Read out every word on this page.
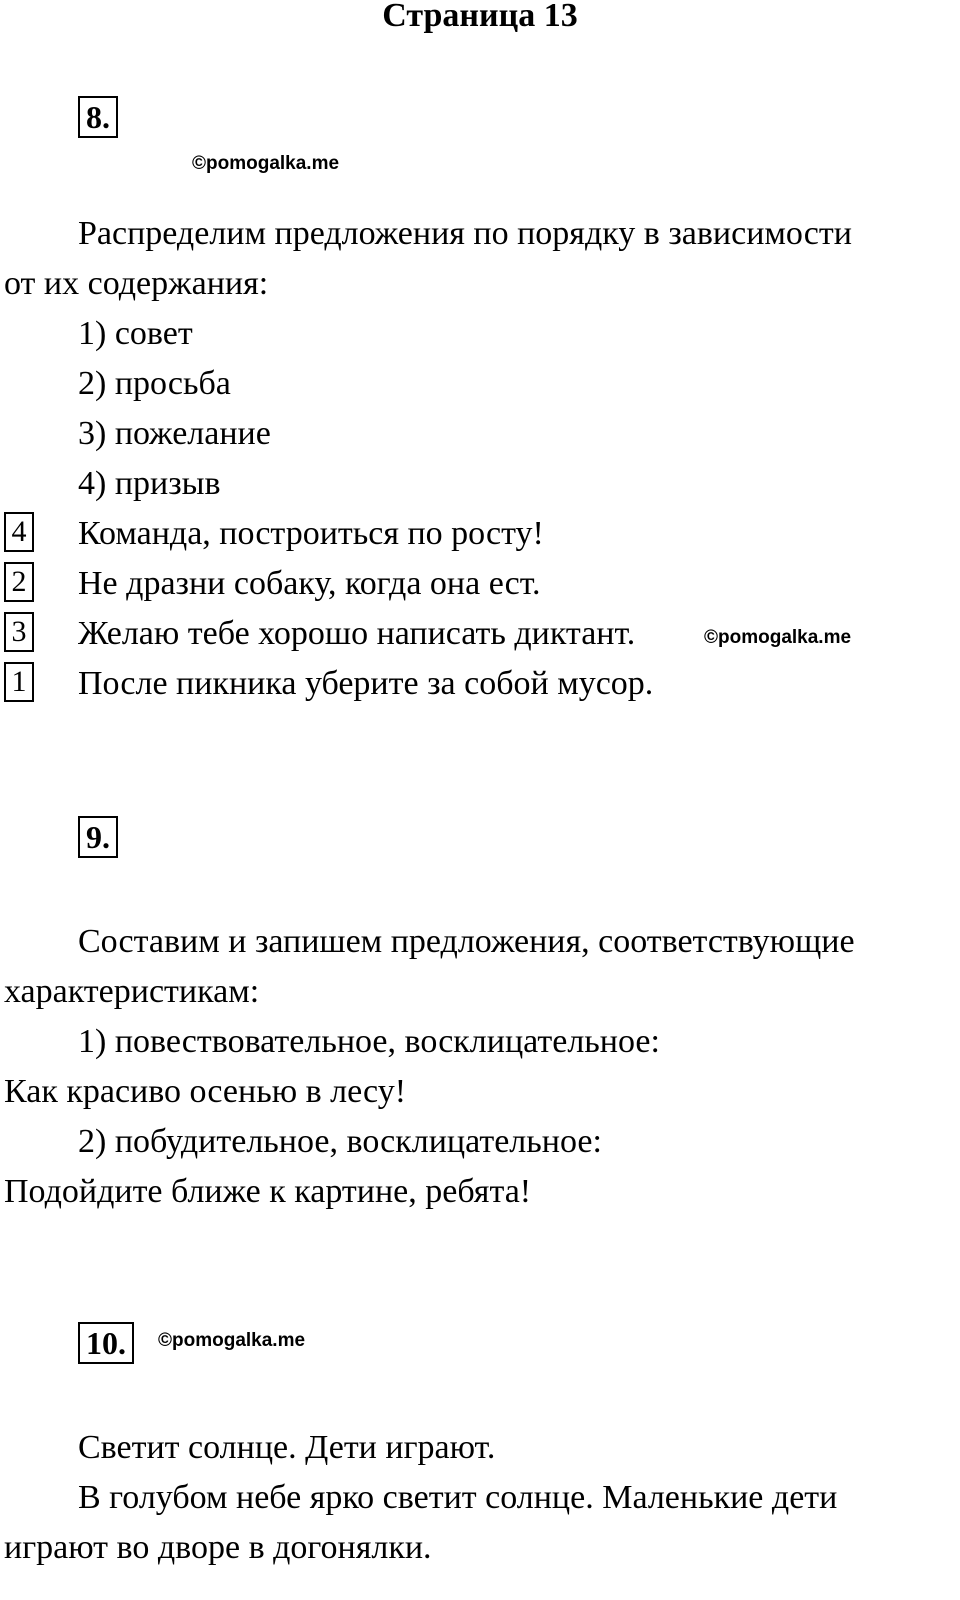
Страница 13
8.
©pomogalka.me
Распределим предложения по порядку в зависимости
от их содержания:
1) совет
2) просьба
3) пожелание
4) призыв
4 Команда, построиться по росту!
2 Не дразни собаку, когда она ест.
3 Желаю тебе хорошо написать диктант.	©pomogalka.me
1 После пикника уберите за собой мусор.
9.
Составим и запишем предложения, соответствующие
характеристикам:
1) повествовательное, восклицательное:
Как красиво осенью в лесу!
2) побудительное, восклицательное:
Подойдите ближе к картине, ребята!
10.	©pomogalka.me
Светит солнце. Дети играют.
В голубом небе ярко светит солнце. Маленькие дети
играют во дворе в догонялки.
